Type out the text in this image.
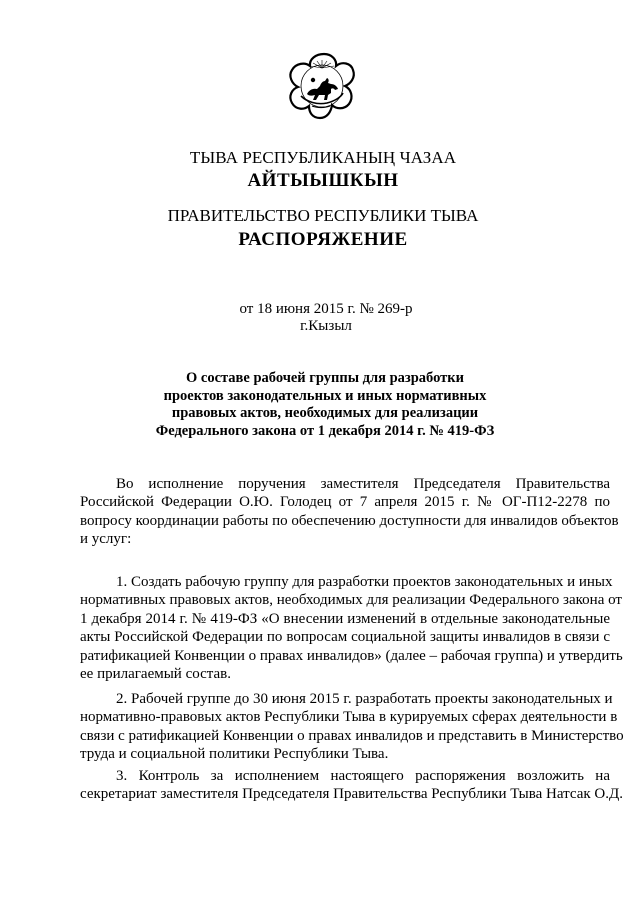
ТЫВА РЕСПУБЛИКАНЫҢ ЧАЗАА
АЙТЫЫШКЫН
ПРАВИТЕЛЬСТВО РЕСПУБЛИКИ ТЫВА
РАСПОРЯЖЕНИЕ
от 18 июня 2015 г. № 269-р
г.Кызыл
О составе рабочей группы для разработки
проектов законодательных и иных нормативных
правовых актов, необходимых для реализации
Федерального закона от 1 декабря 2014 г. № 419-ФЗ
Во исполнение поручения заместителя Председателя Правительства
Российской Федерации О.Ю. Голодец от 7 апреля 2015 г. № ОГ-П12-2278 по
вопросу координации работы по обеспечению доступности для инвалидов объектов
и услуг:
1. Создать рабочую группу для разработки проектов законодательных и иных
нормативных правовых актов, необходимых для реализации Федерального закона от
1 декабря 2014 г. № 419-ФЗ «О внесении изменений в отдельные законодательные
акты Российской Федерации по вопросам социальной защиты инвалидов в связи с
ратификацией Конвенции о правах инвалидов» (далее – рабочая группа) и утвердить
ее прилагаемый состав.
2. Рабочей группе до 30 июня 2015 г. разработать проекты законодательных и
нормативно-правовых актов Республики Тыва в курируемых сферах деятельности в
связи с ратификацией Конвенции о правах инвалидов и представить в Министерство
труда и социальной политики Республики Тыва.
3. Контроль за исполнением настоящего распоряжения возложить на
секретариат заместителя Председателя Правительства Республики Тыва Натсак О.Д.
